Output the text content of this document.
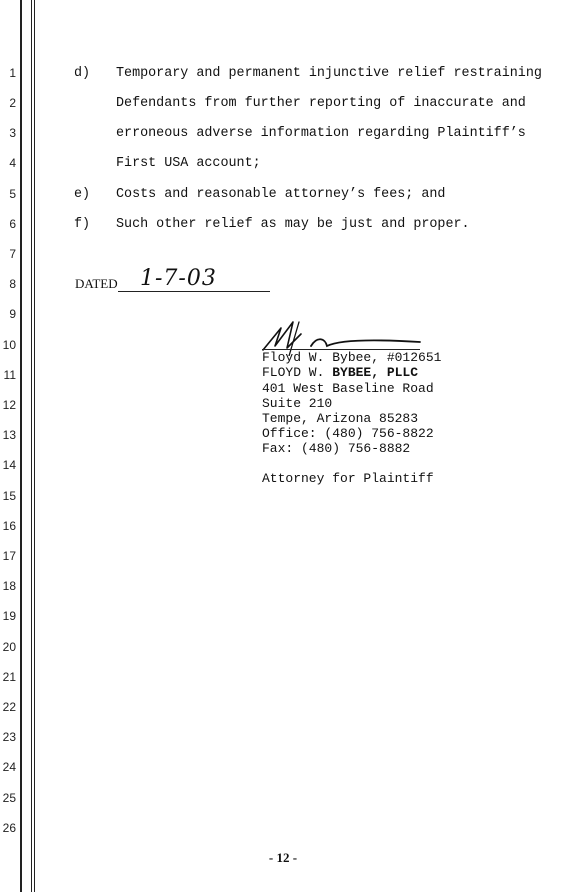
1
2
3
4
5
6
7
8
9
10
11
12
13
14
15
16
17
18
19
20
21
22
23
24
25
26
d) Temporary and permanent injunctive relief restraining
Defendants from further reporting of inaccurate and
erroneous adverse information regarding Plaintiff’s
First USA account;
e) Costs and reasonable attorney’s fees; and
f) Such other relief as may be just and proper.
DATED 1-7-03
Floyd W. Bybee, #012651
FLOYD W. BYBEE, PLLC
401 West Baseline Road
Suite 210
Tempe, Arizona 85283
Office: (480) 756-8822
Fax: (480) 756-8882
Attorney for Plaintiff
- 12 -
